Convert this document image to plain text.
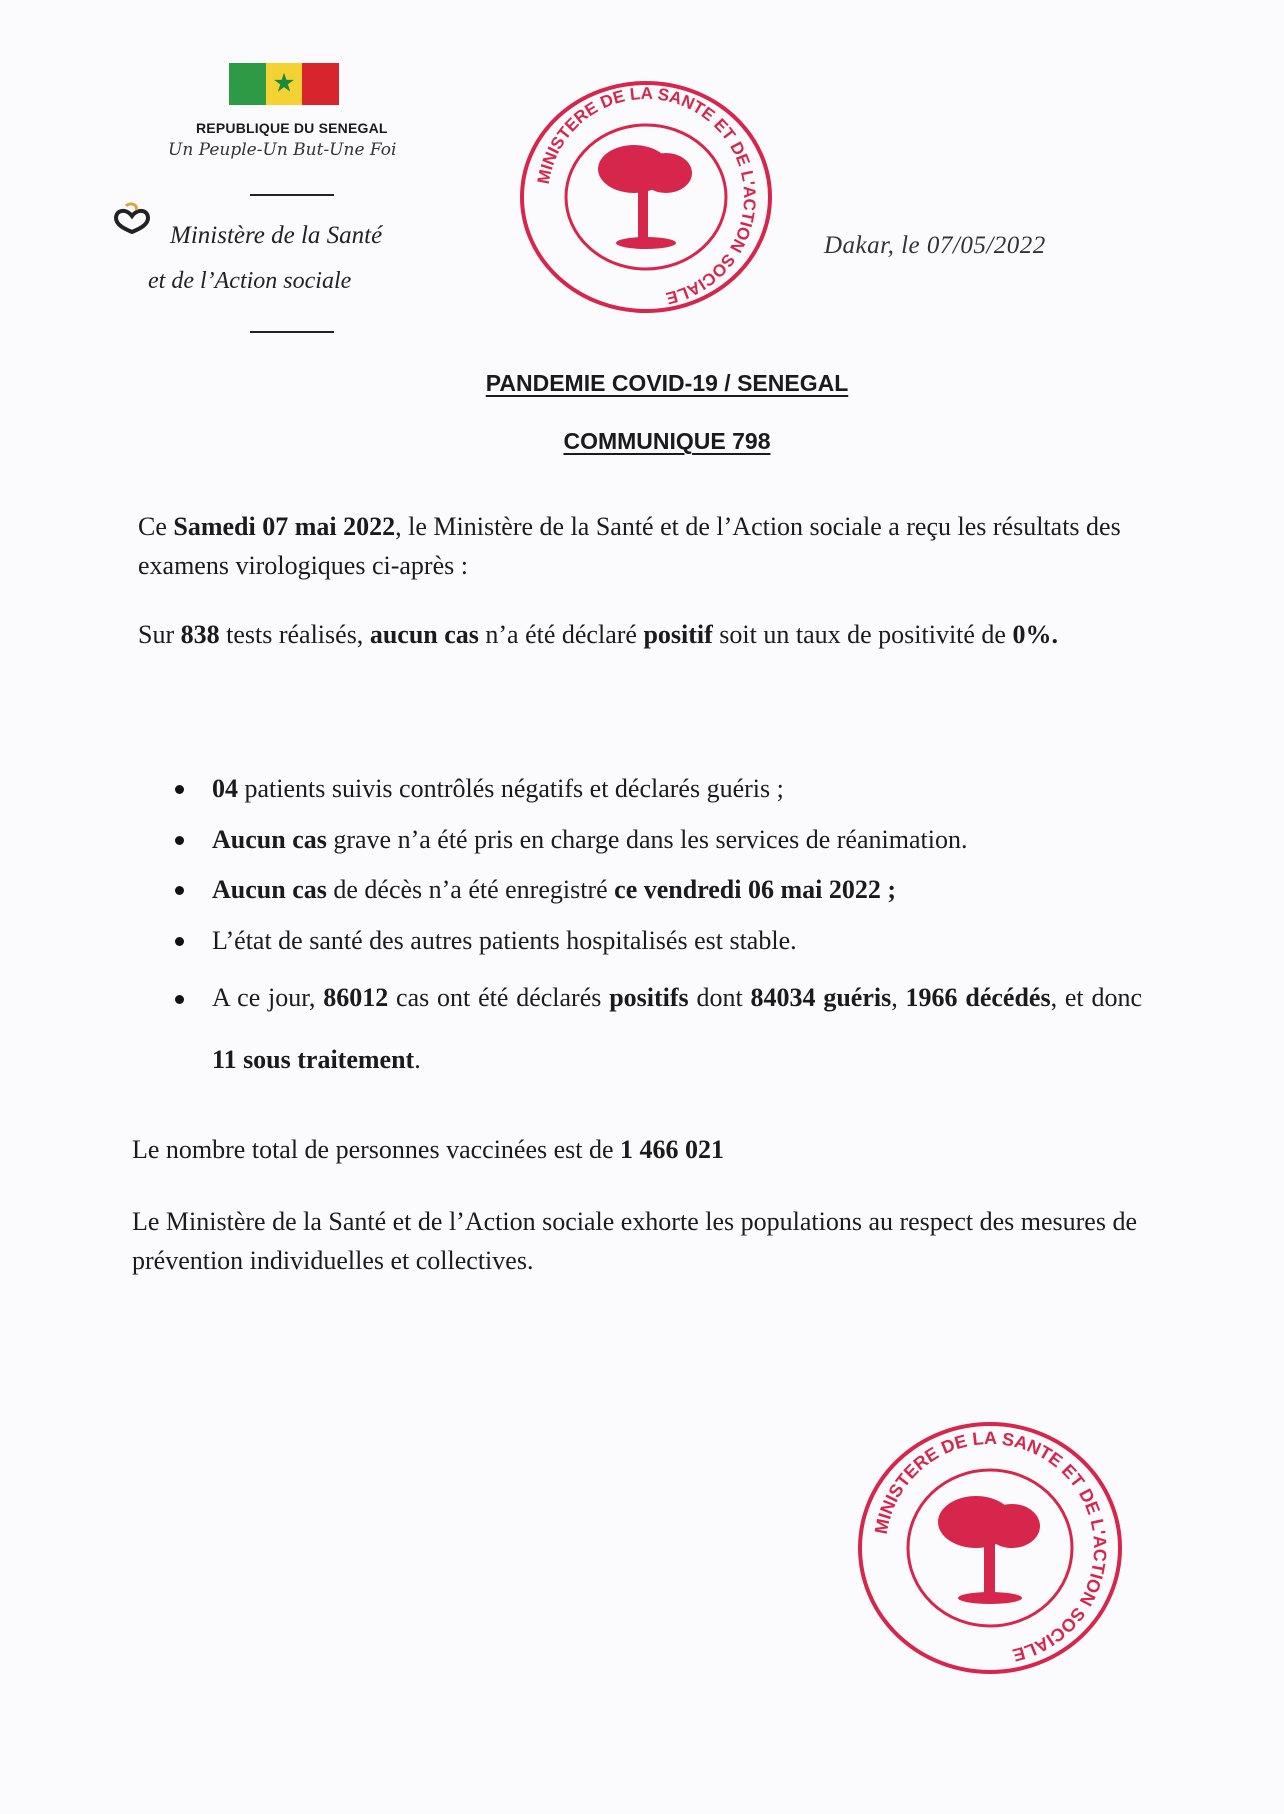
★
REPUBLIQUE DU SENEGAL
Un Peuple-Un But-Une Foi
Ministère de la Santé
et de l’Action sociale
MINISTERE DE LA SANTE ET DE L'ACTION SOCIALE
Dakar, le 07/05/2022
PANDEMIE COVID-19 / SENEGAL
COMMUNIQUE 798
Ce Samedi 07 mai 2022, le Ministère de la Santé et de l’Action sociale a reçu les résultats des examens virologiques ci-après :
Sur 838 tests réalisés, aucun cas n’a été déclaré positif soit un taux de positivité de 0%.
04 patients suivis contrôlés négatifs et déclarés guéris ;
Aucun cas grave n’a été pris en charge dans les services de réanimation.
Aucun cas de décès n’a été enregistré ce vendredi 06 mai 2022 ;
L’état de santé des autres patients hospitalisés est stable.
A ce jour, 86012 cas ont été déclarés positifs dont 84034 guéris, 1966 décédés, et donc 11 sous traitement.
Le nombre total de personnes vaccinées est de 1 466 021
Le Ministère de la Santé et de l’Action sociale exhorte les populations au respect des mesures de prévention individuelles et collectives.
MINISTERE DE LA SANTE ET DE L'ACTION SOCIALE
